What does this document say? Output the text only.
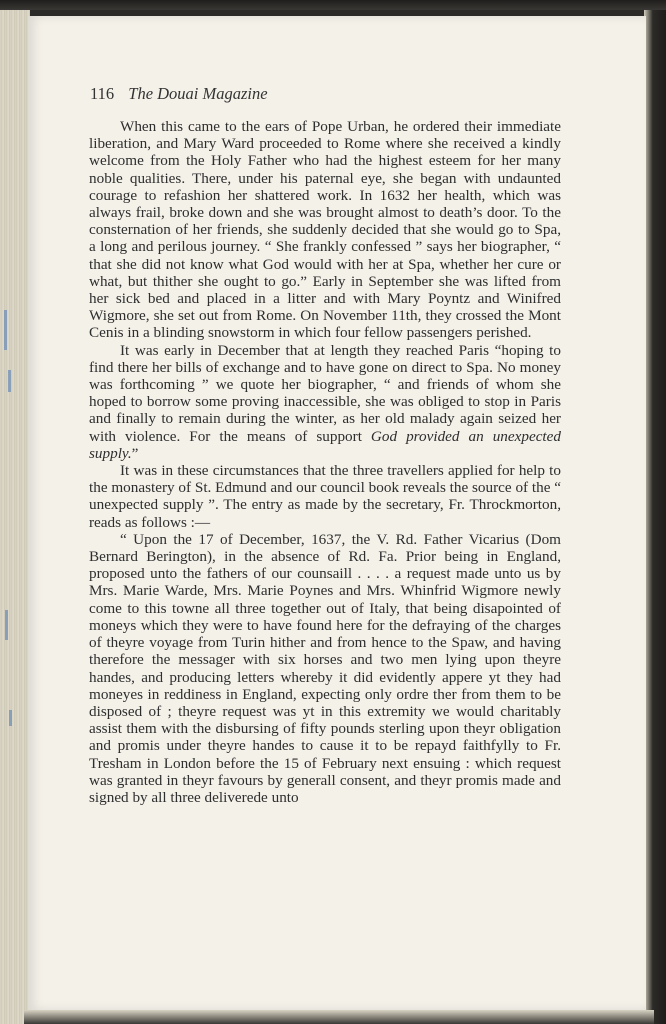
116 The Douai Magazine

When this came to the ears of Pope Urban, he ordered their immediate liberation, and Mary Ward proceeded to Rome where she received a kindly welcome from the Holy Father who had the highest esteem for her many noble qualities. There, under his paternal eye, she began with undaunted courage to refashion her shattered work. In 1632 her health, which was always frail, broke down and she was brought almost to death’s door. To the consternation of her friends, she suddenly decided that she would go to Spa, a long and perilous journey. “ She frankly confessed ” says her biographer, “ that she did not know what God would with her at Spa, whether her cure or what, but thither she ought to go.” Early in September she was lifted from her sick bed and placed in a litter and with Mary Poyntz and Winifred Wigmore, she set out from Rome. On November 11th, they crossed the Mont Cenis in a blinding snowstorm in which four fellow passengers perished.

It was early in December that at length they reached Paris “hoping to find there her bills of exchange and to have gone on direct to Spa. No money was forthcoming ” we quote her biographer, “ and friends of whom she hoped to borrow some proving inaccessible, she was obliged to stop in Paris and finally to remain during the winter, as her old malady again seized her with violence. For the means of support God provided an unexpected supply.”

It was in these circumstances that the three travellers applied for help to the monastery of St. Edmund and our council book reveals the source of the “ unexpected supply ”. The entry as made by the secretary, Fr. Throckmorton, reads as follows :—

“ Upon the 17 of December, 1637, the V. Rd. Father Vicarius (Dom Bernard Berington), in the absence of Rd. Fa. Prior being in England, proposed unto the fathers of our counsaill . . . . a request made unto us by Mrs. Marie Warde, Mrs. Marie Poynes and Mrs. Whinfrid Wigmore newly come to this towne all three together out of Italy, that being disapointed of moneys which they were to have found here for the defraying of the charges of theyre voyage from Turin hither and from hence to the Spaw, and having therefore the messager with six horses and two men lying upon theyre handes, and producing letters whereby it did evidently appere yt they had moneyes in reddiness in England, expecting only ordre ther from them to be disposed of ; theyre request was yt in this extremity we would charitably assist them with the disbursing of fifty pounds sterling upon theyr obligation and promis under theyre handes to cause it to be repayd faithfylly to Fr. Tresham in London before the 15 of February next ensuing : which request was granted in theyr favours by generall consent, and theyr promis made and signed by all three deliverede unto
